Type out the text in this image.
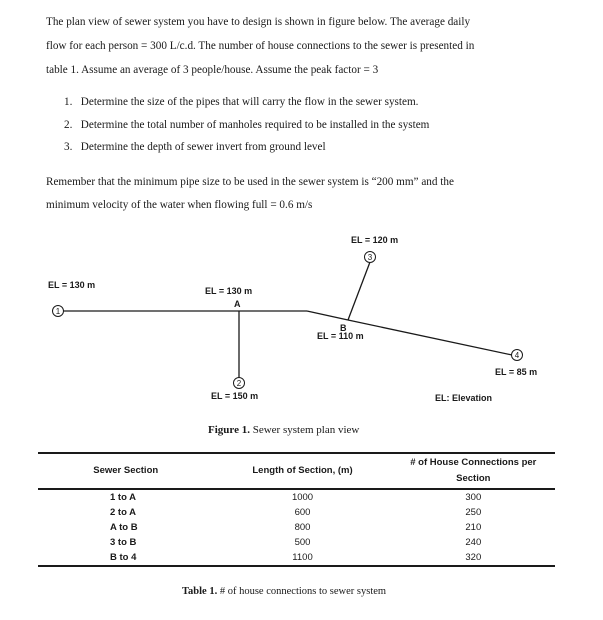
The plan view of sewer system you have to design is shown in figure below. The average daily
flow for each person = 300 L/c.d. The number of house connections to the sewer is presented in
table 1. Assume an average of 3 people/house. Assume the peak factor = 3
1. Determine the size of the pipes that will carry the flow in the sewer system.
2. Determine the total number of manholes required to be installed in the system
3. Determine the depth of sewer invert from ground level
Remember that the minimum pipe size to be used in the sewer system is “200 mm” and the
minimum velocity of the water when flowing full = 0.6 m/s
1
2
3
4
EL = 130 m
EL = 130 m
A
EL = 120 m
B
EL = 110 m
EL = 85 m
EL = 150 m	EL: Elevation
Figure 1. Sewer system plan view
Sewer Section	Length of Section, (m)	# of House Connections per Section
1 to A	1000	300
2 to A	600	250
A to B	800	210
3 to B	500	240
B to 4	1100	320
Table 1. # of house connections to sewer system
